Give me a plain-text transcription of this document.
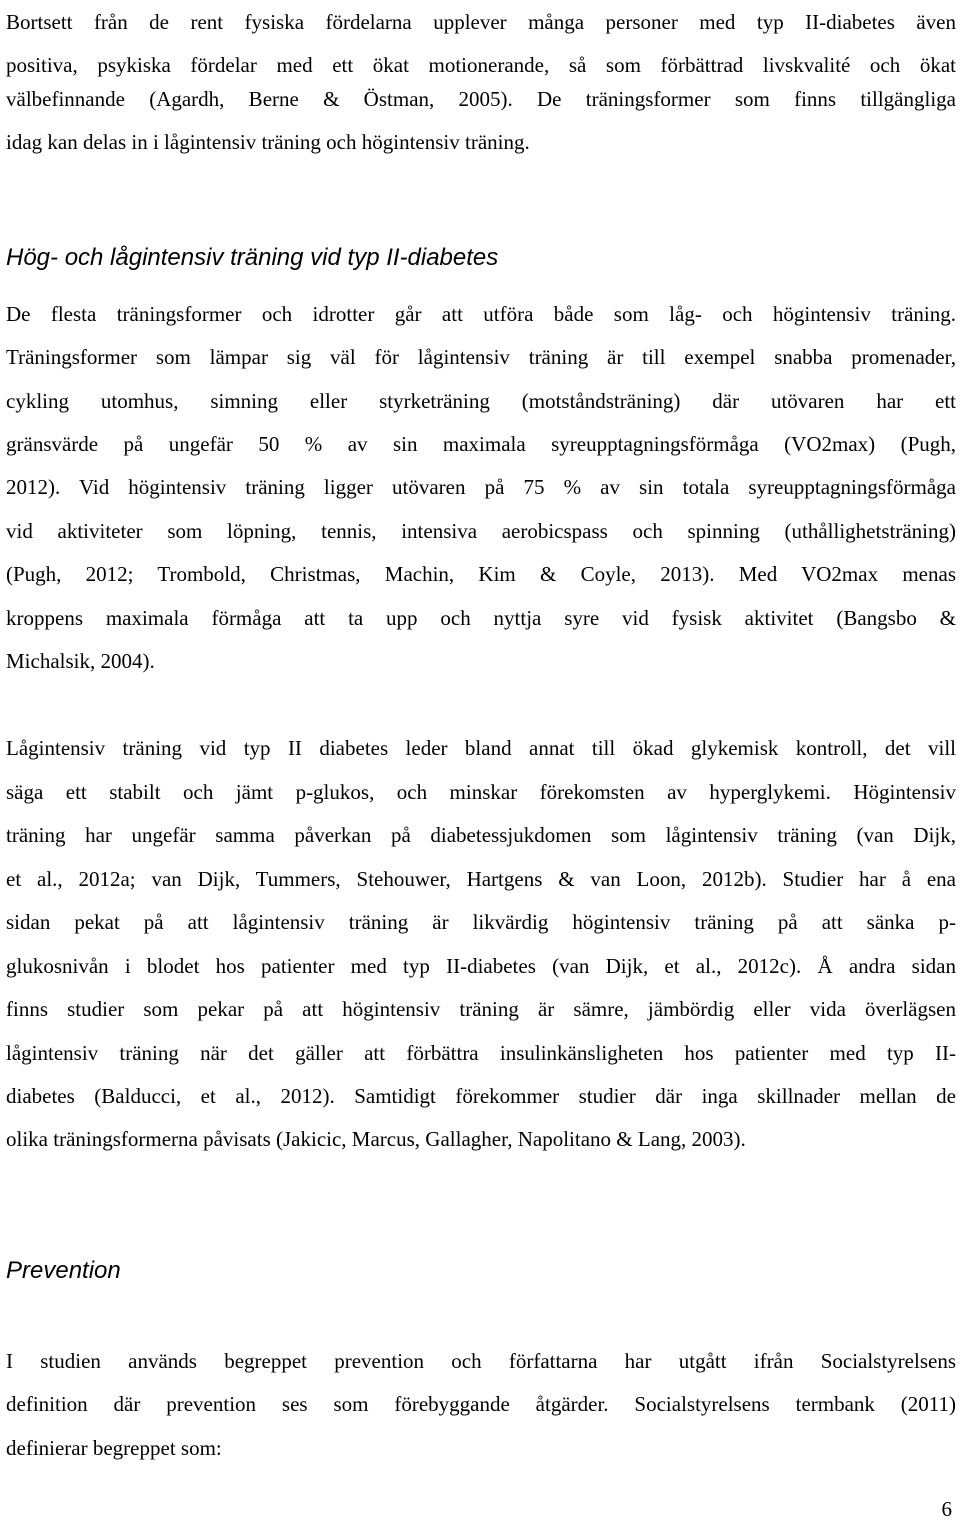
Bortsett från de rent fysiska fördelarna upplever många personer med typ II-diabetes även
positiva, psykiska fördelar med ett ökat motionerande, så som förbättrad livskvalité och ökat
välbefinnande (Agardh, Berne & Östman, 2005). De träningsformer som finns tillgängliga
idag kan delas in i lågintensiv träning och högintensiv träning.
Hög- och lågintensiv träning vid typ II-diabetes
De flesta träningsformer och idrotter går att utföra både som låg- och högintensiv träning.
Träningsformer som lämpar sig väl för lågintensiv träning är till exempel snabba promenader,
cykling utomhus, simning eller styrketräning (motståndsträning) där utövaren har ett
gränsvärde på ungefär 50 % av sin maximala syreupptagningsförmåga (VO2max) (Pugh,
2012). Vid högintensiv träning ligger utövaren på 75 % av sin totala syreupptagningsförmåga
vid aktiviteter som löpning, tennis, intensiva aerobicspass och spinning (uthållighetsträning)
(Pugh, 2012; Trombold, Christmas, Machin, Kim & Coyle, 2013). Med VO2max menas
kroppens maximala förmåga att ta upp och nyttja syre vid fysisk aktivitet (Bangsbo &
Michalsik, 2004).
Lågintensiv träning vid typ II diabetes leder bland annat till ökad glykemisk kontroll, det vill
säga ett stabilt och jämt p-glukos, och minskar förekomsten av hyperglykemi. Högintensiv
träning har ungefär samma påverkan på diabetessjukdomen som lågintensiv träning (van Dijk,
et al., 2012a; van Dijk, Tummers, Stehouwer, Hartgens & van Loon, 2012b). Studier har å ena
sidan pekat på att lågintensiv träning är likvärdig högintensiv träning på att sänka p-
glukosnivån i blodet hos patienter med typ II-diabetes (van Dijk, et al., 2012c). Å andra sidan
finns studier som pekar på att högintensiv träning är sämre, jämbördig eller vida överlägsen
lågintensiv träning när det gäller att förbättra insulinkänsligheten hos patienter med typ II-
diabetes (Balducci, et al., 2012). Samtidigt förekommer studier där inga skillnader mellan de
olika träningsformerna påvisats (Jakicic, Marcus, Gallagher, Napolitano & Lang, 2003).
Prevention
I studien används begreppet prevention och författarna har utgått ifrån Socialstyrelsens
definition där prevention ses som förebyggande åtgärder. Socialstyrelsens termbank (2011)
definierar begreppet som:
6
